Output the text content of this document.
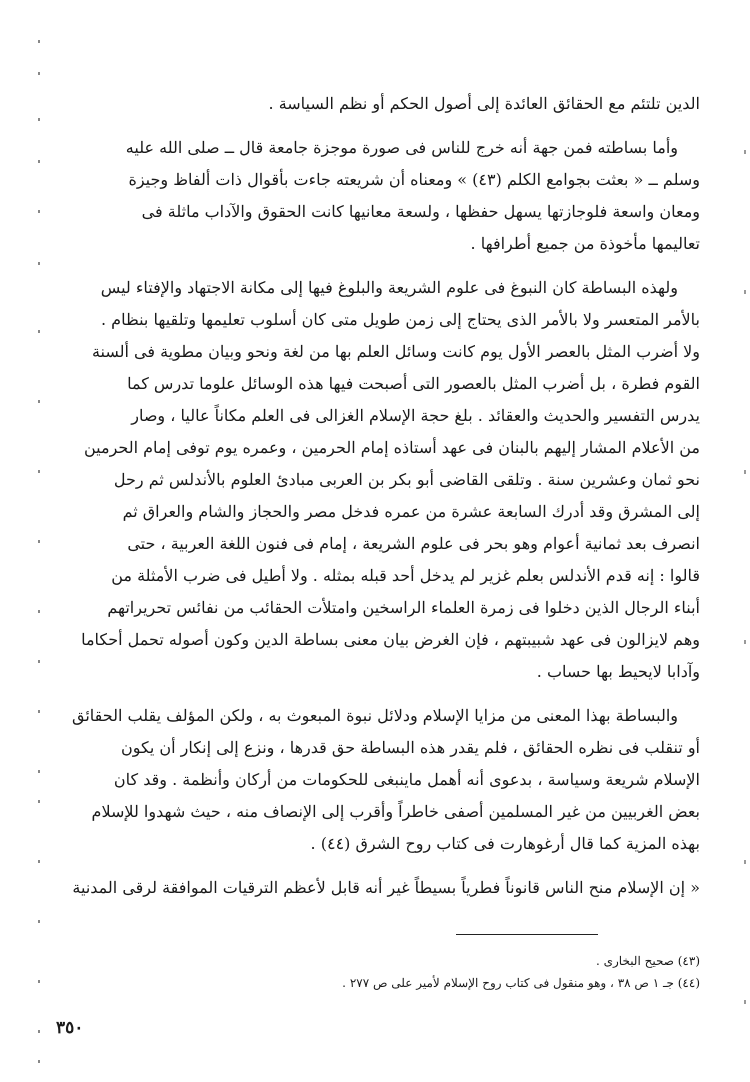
الدين تلتئم مع الحقائق العائدة إلى أصول الحكم أو نظم السياسة .

وأما بساطته فمن جهة أنه خرج للناس فى صورة موجزة جامعة قال ــ صلى الله عليه

وسلم ــ « بعثت بجوامع الكلم (٤٣) » ومعناه أن شريعته جاءت بأقوال ذات ألفاظ وجيزة

ومعان واسعة فلوجازتها يسهل حفظها ، ولسعة معانيها كانت الحقوق والآداب ماثلة فى

تعاليمها مأخوذة من جميع أطرافها .

ولهذه البساطة كان النبوغ فى علوم الشريعة والبلوغ فيها إلى مكانة الاجتهاد والإفتاء ليس

بالأمر المتعسر ولا بالأمر الذى يحتاج إلى زمن طويل متى كان أسلوب تعليمها وتلقيها بنظام .

ولا أضرب المثل بالعصر الأول يوم كانت وسائل العلم بها من لغة ونحو وبيان مطوية فى ألسنة

القوم فطرة ، بل أضرب المثل بالعصور التى أصبحت فيها هذه الوسائل علوما تدرس كما

يدرس التفسير والحديث والعقائد . بلغ حجة الإسلام الغزالى فى العلم مكاناً عاليا ، وصار

من الأعلام المشار إليهم بالبنان فى عهد أستاذه إمام الحرمين ، وعمره يوم توفى إمام الحرمين

نحو ثمان وعشرين سنة . وتلقى القاضى أبو بكر بن العربى مبادئ العلوم بالأندلس ثم رحل

إلى المشرق وقد أدرك السابعة عشرة من عمره فدخل مصر والحجاز والشام والعراق ثم

انصرف بعد ثمانية أعوام وهو بحر فى علوم الشريعة ، إمام فى فنون اللغة العربية ، حتى

قالوا : إنه قدم الأندلس بعلم غزير لم يدخل أحد قبله بمثله . ولا أطيل فى ضرب الأمثلة من

أبناء الرجال الذين دخلوا فى زمرة العلماء الراسخين وامتلأت الحقائب من نفائس تحريراتهم

وهم لايزالون فى عهد شبيبتهم ، فإن الغرض بيان معنى بساطة الدين وكون أصوله تحمل أحكاما

وآدابا لايحيط بها حساب .

والبساطة بهذا المعنى من مزايا الإسلام ودلائل نبوة المبعوث به ، ولكن المؤلف يقلب الحقائق

أو تنقلب فى نظره الحقائق ، فلم يقدر هذه البساطة حق قدرها ، ونزع إلى إنكار أن يكون

الإسلام شريعة وسياسة ، بدعوى أنه أهمل ماينبغى للحكومات من أركان وأنظمة . وقد كان

بعض الغربيين من غير المسلمين أصفى خاطراً وأقرب إلى الإنصاف منه ، حيث شهدوا للإسلام

بهذه المزية كما قال أرغوهارت فى كتاب روح الشرق (٤٤) .

« إن الإسلام منح الناس قانوناً فطرياً بسيطاً غير أنه قابل لأعظم الترقيات الموافقة لرقى المدنية

(٤٣) صحيح البخارى .

(٤٤) جـ ١ ص ٣٨ ، وهو منقول فى كتاب روح الإسلام لأمير على ص ٢٧٧ .

٣٥٠
